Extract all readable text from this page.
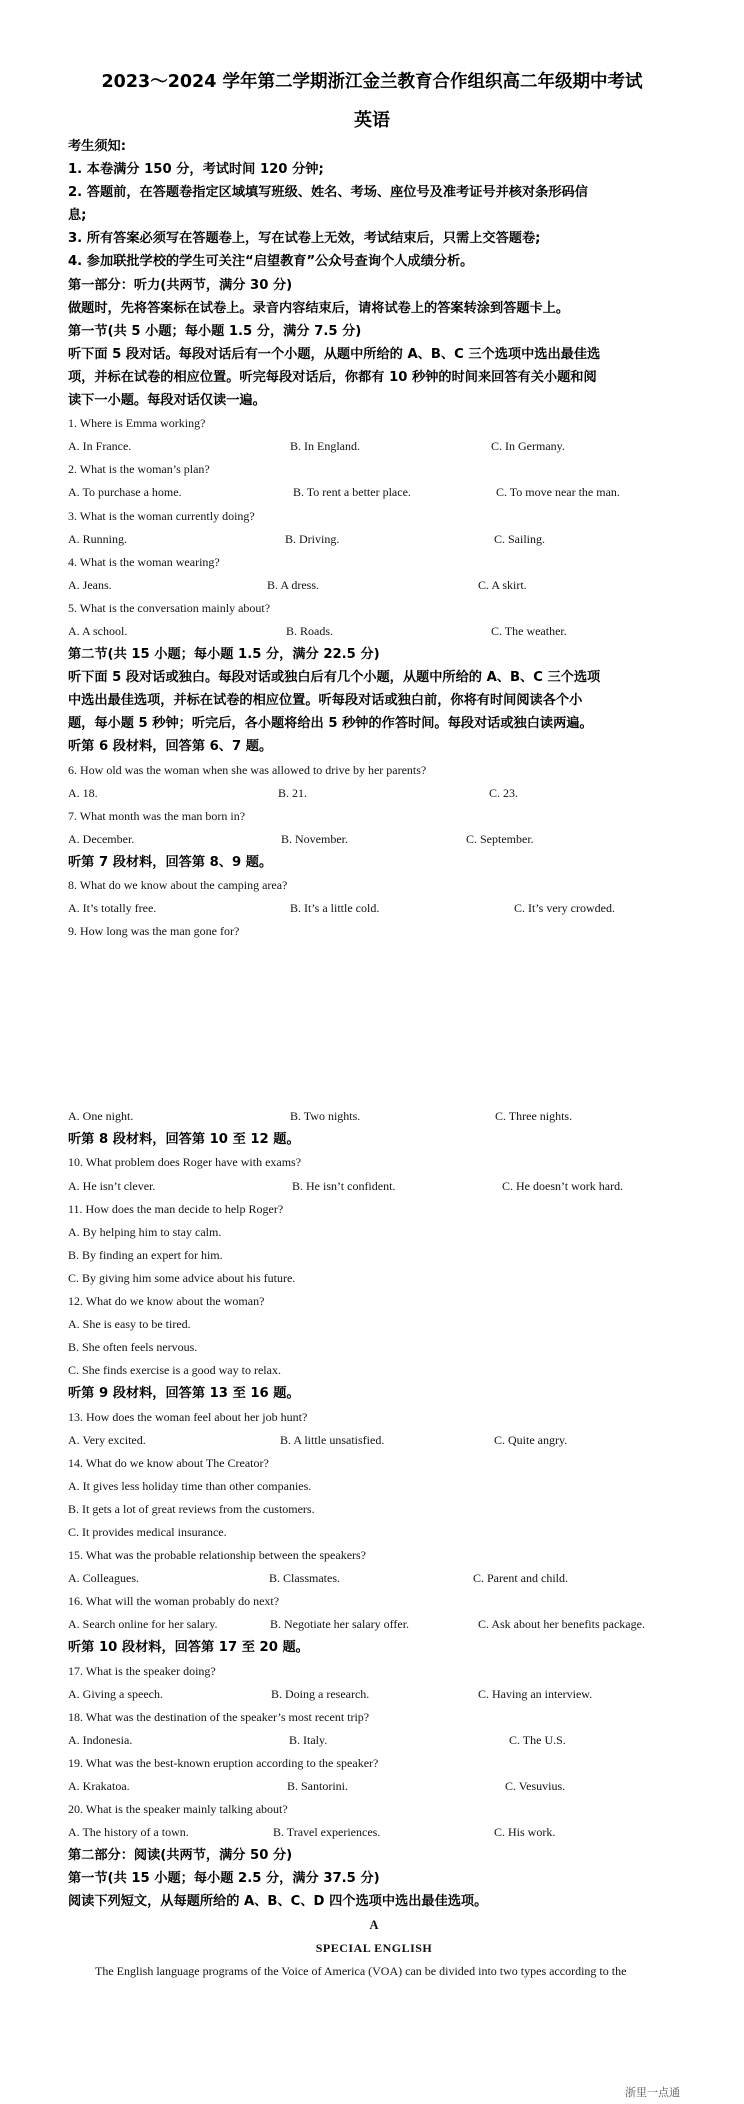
2023～2024 学年第二学期浙江金兰教育合作组织高二年级期中考试
英语
考生须知:
1. 本卷满分 150 分，考试时间 120 分钟;
2. 答题前，在答题卷指定区域填写班级、姓名、考场、座位号及准考证号并核对条形码信
息;
3. 所有答案必须写在答题卷上，写在试卷上无效，考试结束后，只需上交答题卷;
4. 参加联批学校的学生可关注“启望教育”公众号查询个人成绩分析。
第一部分：听力(共两节，满分 30 分)
做题时，先将答案标在试卷上。录音内容结束后，请将试卷上的答案转涂到答题卡上。
第一节(共 5 小题；每小题 1.5 分，满分 7.5 分)
听下面 5 段对话。每段对话后有一个小题，从题中所给的 A、B、C 三个选项中选出最佳选
项，并标在试卷的相应位置。听完每段对话后，你都有 10 秒钟的时间来回答有关小题和阅
读下一小题。每段对话仅读一遍。
1. Where is Emma working?
A. In France.	B. In England.	C. In Germany.
2. What is the woman’s plan?
A. To purchase a home.	B. To rent a better place.	C. To move near the man.
3. What is the woman currently doing?
A. Running.	B. Driving.	C. Sailing.
4. What is the woman wearing?
A. Jeans.	B. A dress.	C. A skirt.
5. What is the conversation mainly about?
A. A school.	B. Roads.	C. The weather.
第二节(共 15 小题；每小题 1.5 分，满分 22.5 分)
听下面 5 段对话或独白。每段对话或独白后有几个小题，从题中所给的 A、B、C 三个选项
中选出最佳选项，并标在试卷的相应位置。听每段对话或独白前，你将有时间阅读各个小
题，每小题 5 秒钟；听完后，各小题将给出 5 秒钟的作答时间。每段对话或独白读两遍。
听第 6 段材料，回答第 6、7 题。
6. How old was the woman when she was allowed to drive by her parents?
A. 18.	B. 21.	C. 23.
7. What month was the man born in?
A. December.	B. November.	C. September.
听第 7 段材料，回答第 8、9 题。
8. What do we know about the camping area?
A. It’s totally free.	B. It’s a little cold.	C. It’s very crowded.
9. How long was the man gone for?
A. One night.	B. Two nights.	C. Three nights.
听第 8 段材料，回答第 10 至 12 题。
10. What problem does Roger have with exams?
A. He isn’t clever.	B. He isn’t confident.	C. He doesn’t work hard.
11. How does the man decide to help Roger?
A. By helping him to stay calm.
B. By finding an expert for him.
C. By giving him some advice about his future.
12. What do we know about the woman?
A. She is easy to be tired.
B. She often feels nervous.
C. She finds exercise is a good way to relax.
听第 9 段材料，回答第 13 至 16 题。
13. How does the woman feel about her job hunt?
A. Very excited.	B. A little unsatisfied.	C. Quite angry.
14. What do we know about The Creator?
A. It gives less holiday time than other companies.
B. It gets a lot of great reviews from the customers.
C. It provides medical insurance.
15. What was the probable relationship between the speakers?
A. Colleagues.	B. Classmates.	C. Parent and child.
16. What will the woman probably do next?
A. Search online for her salary.	B. Negotiate her salary offer.	C. Ask about her benefits package.
听第 10 段材料，回答第 17 至 20 题。
17. What is the speaker doing?
A. Giving a speech.	B. Doing a research.	C. Having an interview.
18. What was the destination of the speaker’s most recent trip?
A. Indonesia.	B. Italy.	C. The U.S.
19. What was the best-known eruption according to the speaker?
A. Krakatoa.	B. Santorini.	C. Vesuvius.
20. What is the speaker mainly talking about?
A. The history of a town.	B. Travel experiences.	C. His work.
第二部分：阅读(共两节，满分 50 分)
第一节(共 15 小题；每小题 2.5 分，满分 37.5 分)
阅读下列短文，从每题所给的 A、B、C、D 四个选项中选出最佳选项。
A
SPECIAL ENGLISH
The English language programs of the Voice of America (VOA) can be divided into two types according to the
浙里一点通
